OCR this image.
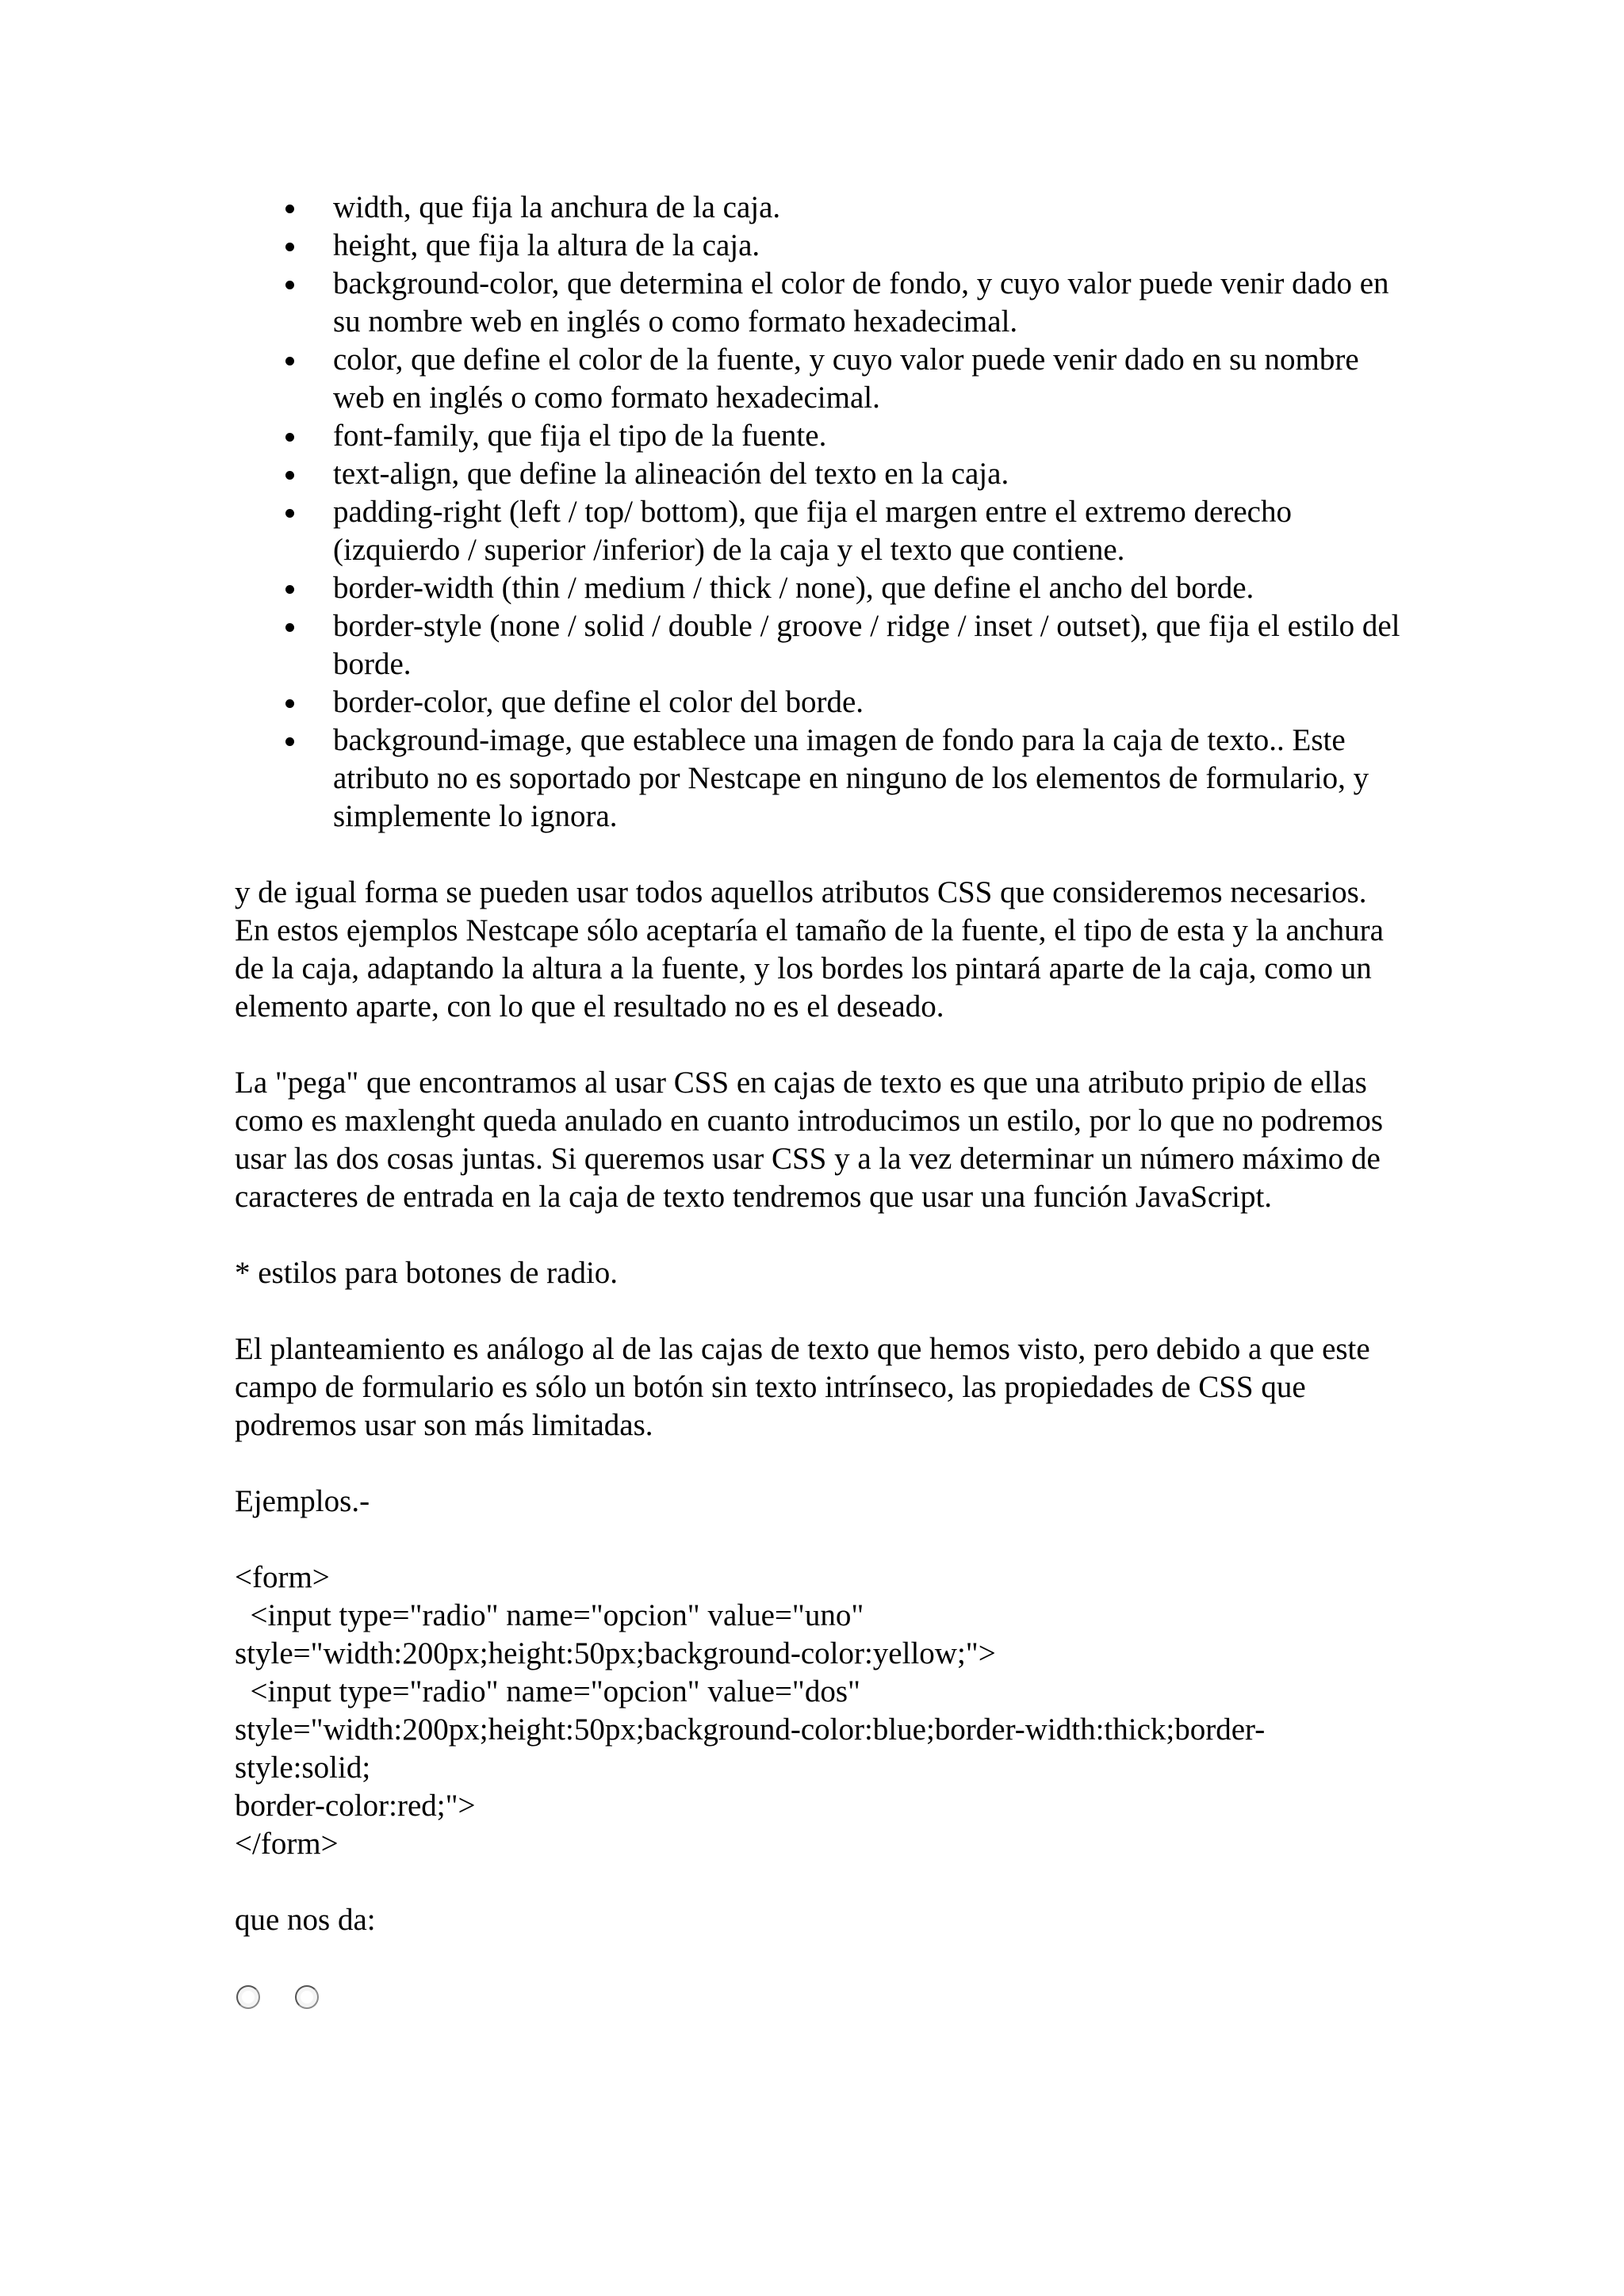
width, que fija la anchura de la caja.
height, que fija la altura de la caja.
background-color, que determina el color de fondo, y cuyo valor puede venir dado en su nombre web en inglés o como formato hexadecimal.
color, que define el color de la fuente, y cuyo valor puede venir dado en su nombre web en inglés o como formato hexadecimal.
font-family, que fija el tipo de la fuente.
text-align, que define la alineación del texto en la caja.
padding-right (left / top/ bottom), que fija el margen entre el extremo derecho (izquierdo / superior /inferior) de la caja y el texto que contiene.
border-width (thin / medium / thick / none), que define el ancho del borde.
border-style (none / solid / double / groove / ridge / inset / outset), que fija el estilo del borde.
border-color, que define el color del borde.
background-image, que establece una imagen de fondo para la caja de texto.. Este atributo no es soportado por Nestcape en ninguno de los elementos de formulario, y simplemente lo ignora.

y de igual forma se pueden usar todos aquellos atributos CSS que consideremos necesarios. En estos ejemplos Nestcape sólo aceptaría el tamaño de la fuente, el tipo de esta y la anchura de la caja, adaptando la altura a la fuente, y los bordes los pintará aparte de la caja, como un elemento aparte, con lo que el resultado no es el deseado.

La "pega" que encontramos al usar CSS en cajas de texto es que una atributo pripio de ellas como es maxlenght queda anulado en cuanto introducimos un estilo, por lo que no podremos usar las dos cosas juntas. Si queremos usar CSS y a la vez determinar un número máximo de caracteres de entrada en la caja de texto tendremos que usar una función JavaScript.

* estilos para botones de radio.

El planteamiento es análogo al de las cajas de texto que hemos visto, pero debido a que este campo de formulario es sólo un botón sin texto intrínseco, las propiedades de CSS que podremos usar son más limitadas.

Ejemplos.-

<form>

<input type="radio" name="opcion" value="uno"

style="width:200px;height:50px;background-color:yellow;">

<input type="radio" name="opcion" value="dos"

style="width:200px;height:50px;background-color:blue;border-width:thick;border-

style:solid;

border-color:red;">

</form>

que nos da:
